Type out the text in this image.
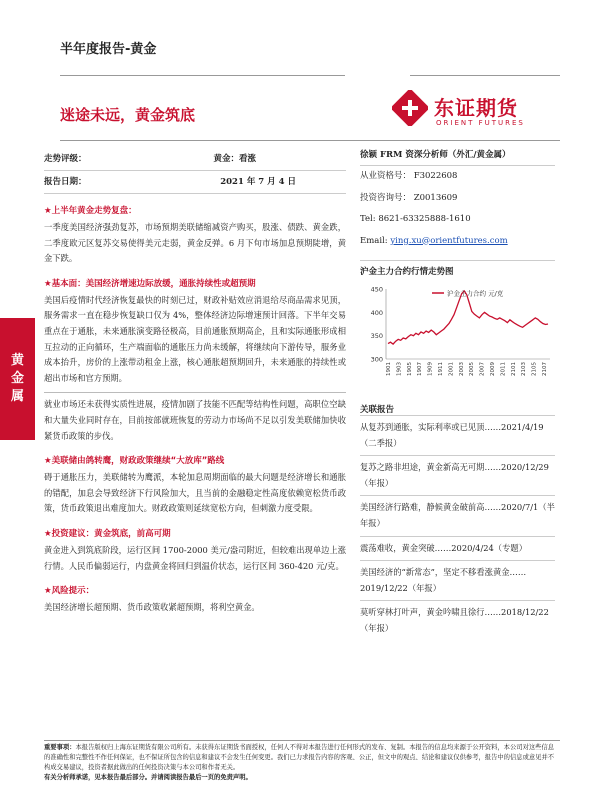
半年度报告-黄金
迷途未远，黄金筑底	东证期货
ORIENT FUTURES
黄
金
属
走势评级：	黄金：看涨
报告日期：	2021 年 7 月 4 日
★上半年黄金走势复盘：
一季度美国经济强劲复苏，市场预期美联储缩减资产购买，股涨、债跌、黄金跌，二季度欧元区复苏交易使得美元走弱，黄金反弹。6 月下旬市场加息预期陡增，黄金下跌。
★基本面：美国经济增速边际放缓，通胀持续性或超预期
美国后疫情时代经济恢复最快的时刻已过，财政补贴效应消退给尽商品需求见顶，服务需求一直在稳步恢复缺口仅为 4%，整体经济边际增速预计回落。下半年交易重点在于通胀，未来通胀演变路径极高，目前通胀预期高企，且和实际通胀形成相互拉动的正向循环，生产端面临的通胀压力尚未缓解，将继续向下游传导，服务业成本抬升，房价的上涨带动租金上涨，核心通胀超预期回升，未来通胀的持续性或超出市场和官方预期。
就业市场还未获得实质性进展，疫情加剧了技能不匹配等结构性问题，高职位空缺和大量失业同时存在，目前按部就班恢复的劳动力市场尚不足以引发美联储加快收紧货币政策的步伐。
★美联储由鸽转鹰，财政政策继续“大放库”路线
碍于通胀压力，美联储转为鹰派，本轮加息周期面临的最大问题是经济增长和通胀的错配，加息会导致经济下行风险加大，且当前的金融稳定性高度依赖宽松货币政策，货币政策退出难度加大。财政政策则延续宽松方向，但刺激力度受限。
★投资建议：黄金筑底，前高可期
黄金进入到筑底阶段，运行区间 1700-2000 美元/盎司附近，但较难出现单边上涨行情。人民币偏弱运行，内盘黄金将回归到温价状态，运行区间 360-420 元/克。
★风险提示：
美国经济增长超预期、货币政策收紧超预期，将利空黄金。
徐颖 FRM 资深分析师（外汇/黄金属）
从业资格号： F3022608
投资咨询号： Z0013609
Tel: 8621-63325888-1610
Email: ying.xu@orientfutures.com
沪金主力合约行情走势图
300
350
400
450	沪金主力合约 元/克
1901 1903 1905 1907 1909 1911 2001 2003 2005 2007 2009 2011 2101 2103 2105 2107
关联报告
从复苏到通胀，实际利率或已见顶……2021/4/19（二季报）
复苏之路非坦途，黄金新高无可期……2020/12/29（年报）
美国经济行路难，静候黄金破前高……2020/7/1（半年报）
震荡难收，黄金突破……2020/4/24（专题）
美国经济的“新常态”，坚定不移看涨黄金……2019/12/22（年报）
莫听穿林打叶声，黄金吟啸且徐行……2018/12/22（年报）
重要事项：本报告版权归上海东证期货有限公司所有。未获得东证期货书面授权，任何人不得对本报告进行任何形式的发布、复制。本报告的信息均来源于公开资料，本公司对这些信息的准确性和完整性不作任何保证，也不保证所包含的信息和建议不会发生任何变更。我们已力求报告内容的客观、公正，但文中的观点、结论和建议仅供参考，报告中的信息或意见并不构成交易建议，投资者据此做出的任何投资决策与本公司和作者无关。
有关分析师承诺，见本报告最后部分。并请阅读报告最后一页的免责声明。
